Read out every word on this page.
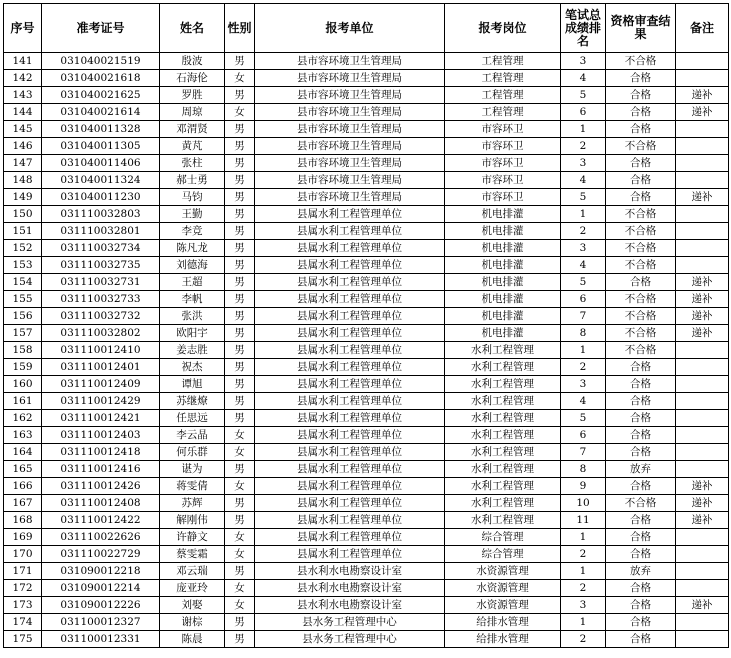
序号	准考证号	姓名	性别	报考单位	报考岗位	笔试总成绩排名	资格审查结果	备注
141	031040021519	殷波	男	县市容环境卫生管理局	工程管理	3	不合格	
142	031040021618	石海伦	女	县市容环境卫生管理局	工程管理	4	合格	
143	031040021625	罗胜	男	县市容环境卫生管理局	工程管理	5	合格	递补
144	031040021614	周琼	女	县市容环境卫生管理局	工程管理	6	合格	递补
145	031040011328	邓渭贤	男	县市容环境卫生管理局	市容环卫	1	合格	
146	031040011305	黄芃	男	县市容环境卫生管理局	市容环卫	2	不合格	
147	031040011406	张柱	男	县市容环境卫生管理局	市容环卫	3	合格	
148	031040011324	郝士勇	男	县市容环境卫生管理局	市容环卫	4	合格	
149	031040011230	马钧	男	县市容环境卫生管理局	市容环卫	5	合格	递补
150	031110032803	王勤	男	县属水利工程管理单位	机电排灌	1	不合格	
151	031110032801	李竞	男	县属水利工程管理单位	机电排灌	2	不合格	
152	031110032734	陈凡龙	男	县属水利工程管理单位	机电排灌	3	不合格	
153	031110032735	刘德海	男	县属水利工程管理单位	机电排灌	4	不合格	
154	031110032731	王超	男	县属水利工程管理单位	机电排灌	5	合格	递补
155	031110032733	李帆	男	县属水利工程管理单位	机电排灌	6	不合格	递补
156	031110032732	张洪	男	县属水利工程管理单位	机电排灌	7	不合格	递补
157	031110032802	欧阳宇	男	县属水利工程管理单位	机电排灌	8	不合格	递补
158	031110012410	姜志胜	男	县属水利工程管理单位	水利工程管理	1	不合格	
159	031110012401	祝杰	男	县属水利工程管理单位	水利工程管理	2	合格	
160	031110012409	谭旭	男	县属水利工程管理单位	水利工程管理	3	合格	
161	031110012429	苏继燎	男	县属水利工程管理单位	水利工程管理	4	合格	
162	031110012421	任思远	男	县属水利工程管理单位	水利工程管理	5	合格	
163	031110012403	李云晶	女	县属水利工程管理单位	水利工程管理	6	合格	
164	031110012418	何乐群	女	县属水利工程管理单位	水利工程管理	7	合格	
165	031110012416	谌为	男	县属水利工程管理单位	水利工程管理	8	放弃	
166	031110012426	蒋雯倩	女	县属水利工程管理单位	水利工程管理	9	合格	递补
167	031110012408	苏辉	男	县属水利工程管理单位	水利工程管理	10	不合格	递补
168	031110012422	解刚伟	男	县属水利工程管理单位	水利工程管理	11	合格	递补
169	031110022626	许静文	女	县属水利工程管理单位	综合管理	1	合格	
170	031110022729	蔡雯霜	女	县属水利工程管理单位	综合管理	2	合格	
171	031090012218	邓云瑞	男	县水利水电勘察设计室	水资源管理	1	放弃	
172	031090012214	庞亚玲	女	县水利水电勘察设计室	水资源管理	2	合格	
173	031090012226	刘娶	女	县水利水电勘察设计室	水资源管理	3	合格	递补
174	031100012327	谢棕	男	县水务工程管理中心	给排水管理	1	合格	
175	031100012331	陈晨	男	县水务工程管理中心	给排水管理	2	合格	
